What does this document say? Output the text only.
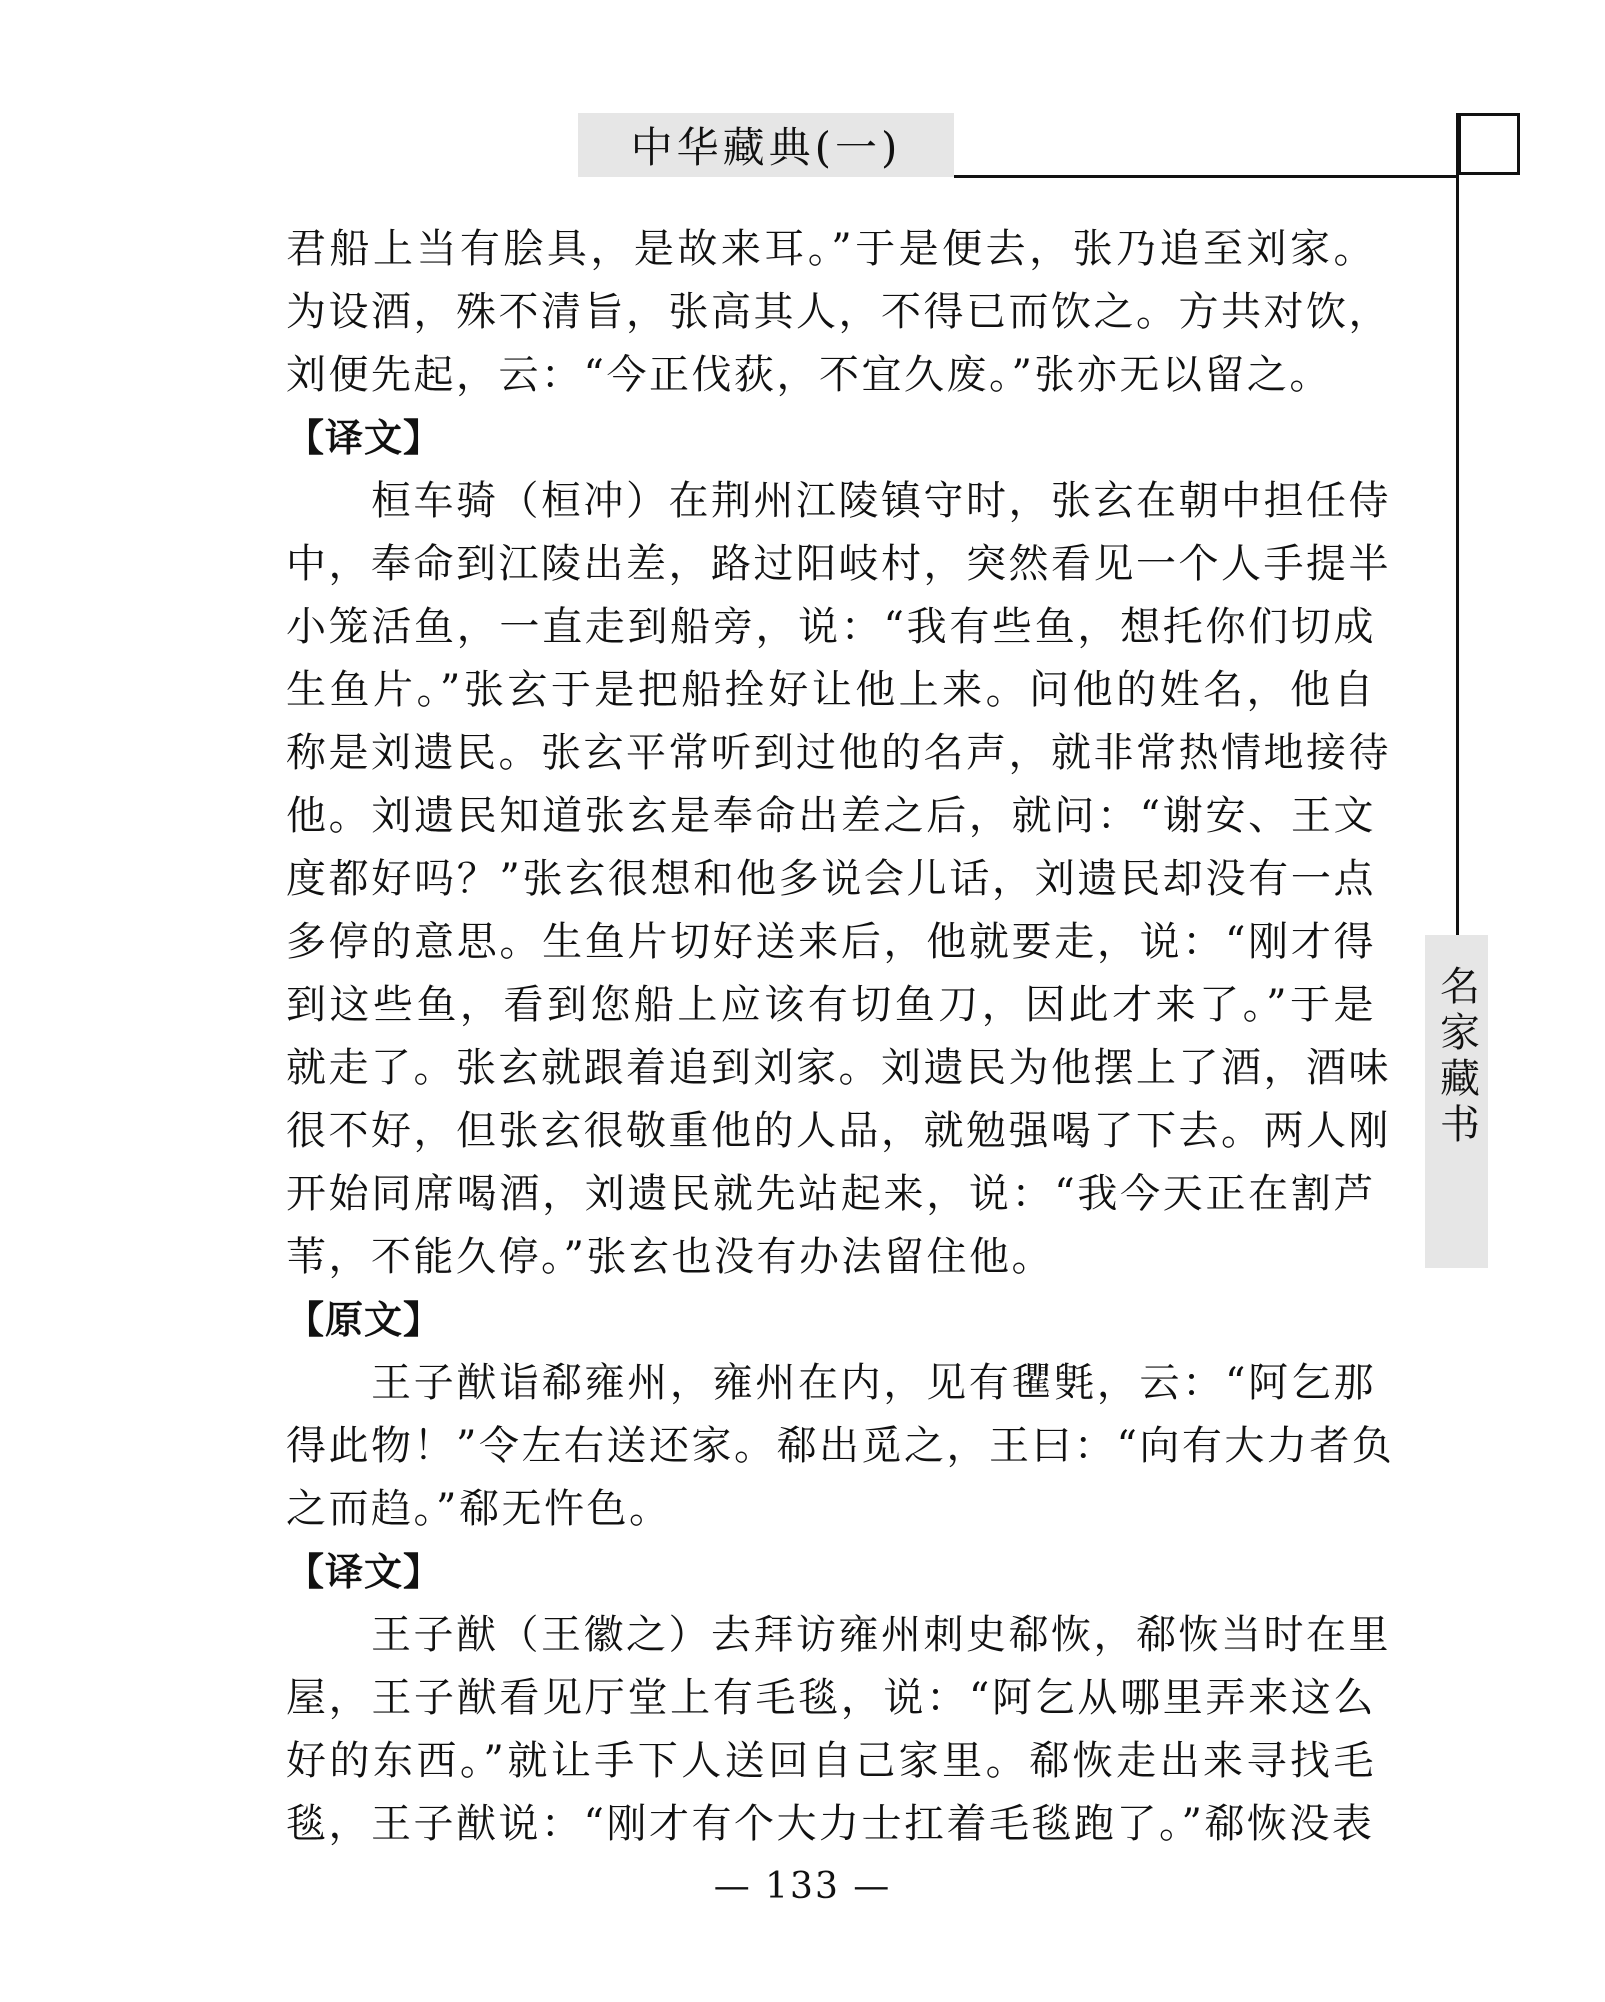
中华藏典(一)
名家藏书

君船上当有脍具，是故来耳。”于是便去，张乃追至刘家。
为设酒，殊不清旨，张高其人，不得已而饮之。方共对饮，
刘便先起，云：“今正伐荻，不宜久废。”张亦无以留之。

【译文】

桓车骑（桓冲）在荆州江陵镇守时，张玄在朝中担任侍
中，奉命到江陵出差，路过阳岐村，突然看见一个人手提半
小笼活鱼，一直走到船旁，说：“我有些鱼，想托你们切成
生鱼片。”张玄于是把船拴好让他上来。问他的姓名，他自
称是刘遗民。张玄平常听到过他的名声，就非常热情地接待
他。刘遗民知道张玄是奉命出差之后，就问：“谢安、王文
度都好吗？”张玄很想和他多说会儿话，刘遗民却没有一点
多停的意思。生鱼片切好送来后，他就要走，说：“刚才得
到这些鱼，看到您船上应该有切鱼刀，因此才来了。”于是
就走了。张玄就跟着追到刘家。刘遗民为他摆上了酒，酒味
很不好，但张玄很敬重他的人品，就勉强喝了下去。两人刚
开始同席喝酒，刘遗民就先站起来，说：“我今天正在割芦
苇，不能久停。”张玄也没有办法留住他。

【原文】

王子猷诣郗雍州，雍州在内，见有𣰽㲣，云：“阿乞那
得此物！”令左右送还家。郗出觅之，王曰：“向有大力者负
之而趋。”郗无忤色。

【译文】

王子猷（王徽之）去拜访雍州刺史郗恢，郗恢当时在里
屋，王子猷看见厅堂上有毛毯，说：“阿乞从哪里弄来这么
好的东西。”就让手下人送回自己家里。郗恢走出来寻找毛
毯，王子猷说：“刚才有个大力士扛着毛毯跑了。”郗恢没表

— 133 —
